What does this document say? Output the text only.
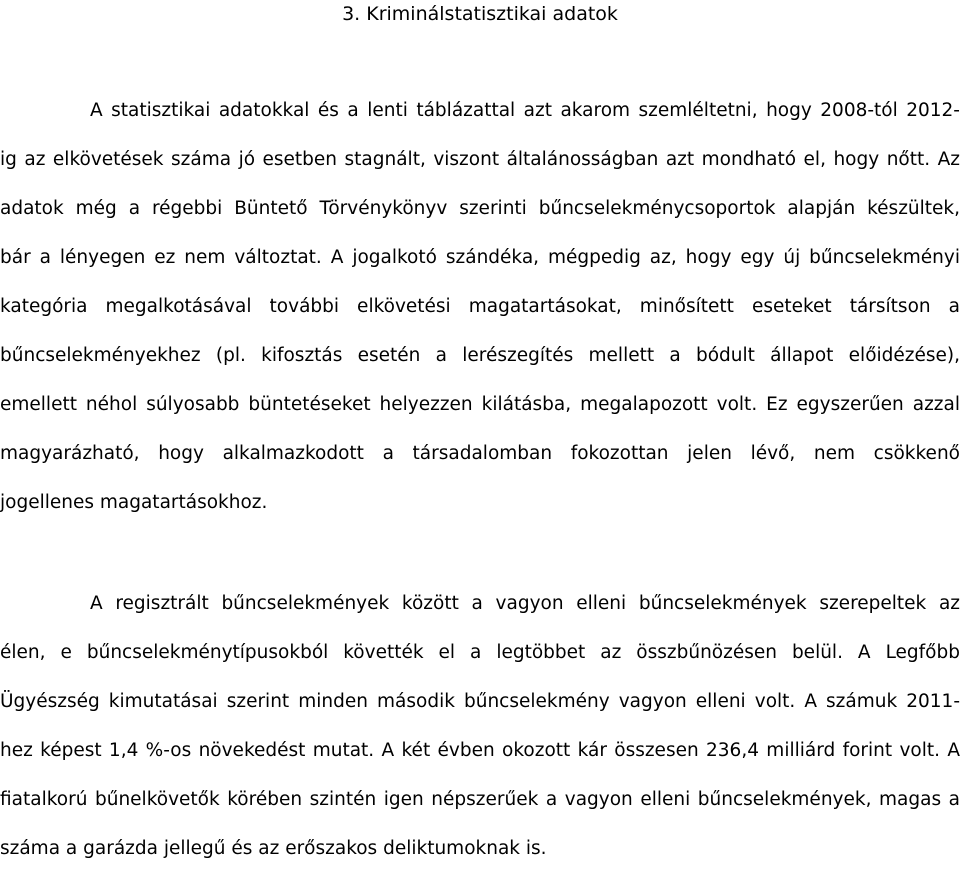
3. Kriminálstatisztikai adatok
A statisztikai adatokkal és a lenti táblázattal azt akarom szemléltetni, hogy 2008-tól 2012-
ig az elkövetések száma jó esetben stagnált, viszont általánosságban azt mondható el, hogy nőtt. Az
adatok még a régebbi Büntető Törvénykönyv szerinti bűncselekménycsoportok alapján készültek,
bár a lényegen ez nem változtat. A jogalkotó szándéka, mégpedig az, hogy egy új bűncselekményi
kategória megalkotásával további elkövetési magatartásokat, minősített eseteket társítson a
bűncselekményekhez (pl. kifosztás esetén a lerészegítés mellett a bódult állapot előidézése),
emellett néhol súlyosabb büntetéseket helyezzen kilátásba, megalapozott volt. Ez egyszerűen azzal
magyarázható, hogy alkalmazkodott a társadalomban fokozottan jelen lévő, nem csökkenő
jogellenes magatartásokhoz.
A regisztrált bűncselekmények között a vagyon elleni bűncselekmények szerepeltek az
élen, e bűncselekménytípusokból követték el a legtöbbet az összbűnözésen belül. A Legfőbb
Ügyészség kimutatásai szerint minden második bűncselekmény vagyon elleni volt. A számuk 2011-
hez képest 1,4 %-os növekedést mutat. A két évben okozott kár összesen 236,4 milliárd forint volt. A
fiatalkorú bűnelkövetők körében szintén igen népszerűek a vagyon elleni bűncselekmények, magas a
száma a garázda jellegű és az erőszakos deliktumoknak is.
